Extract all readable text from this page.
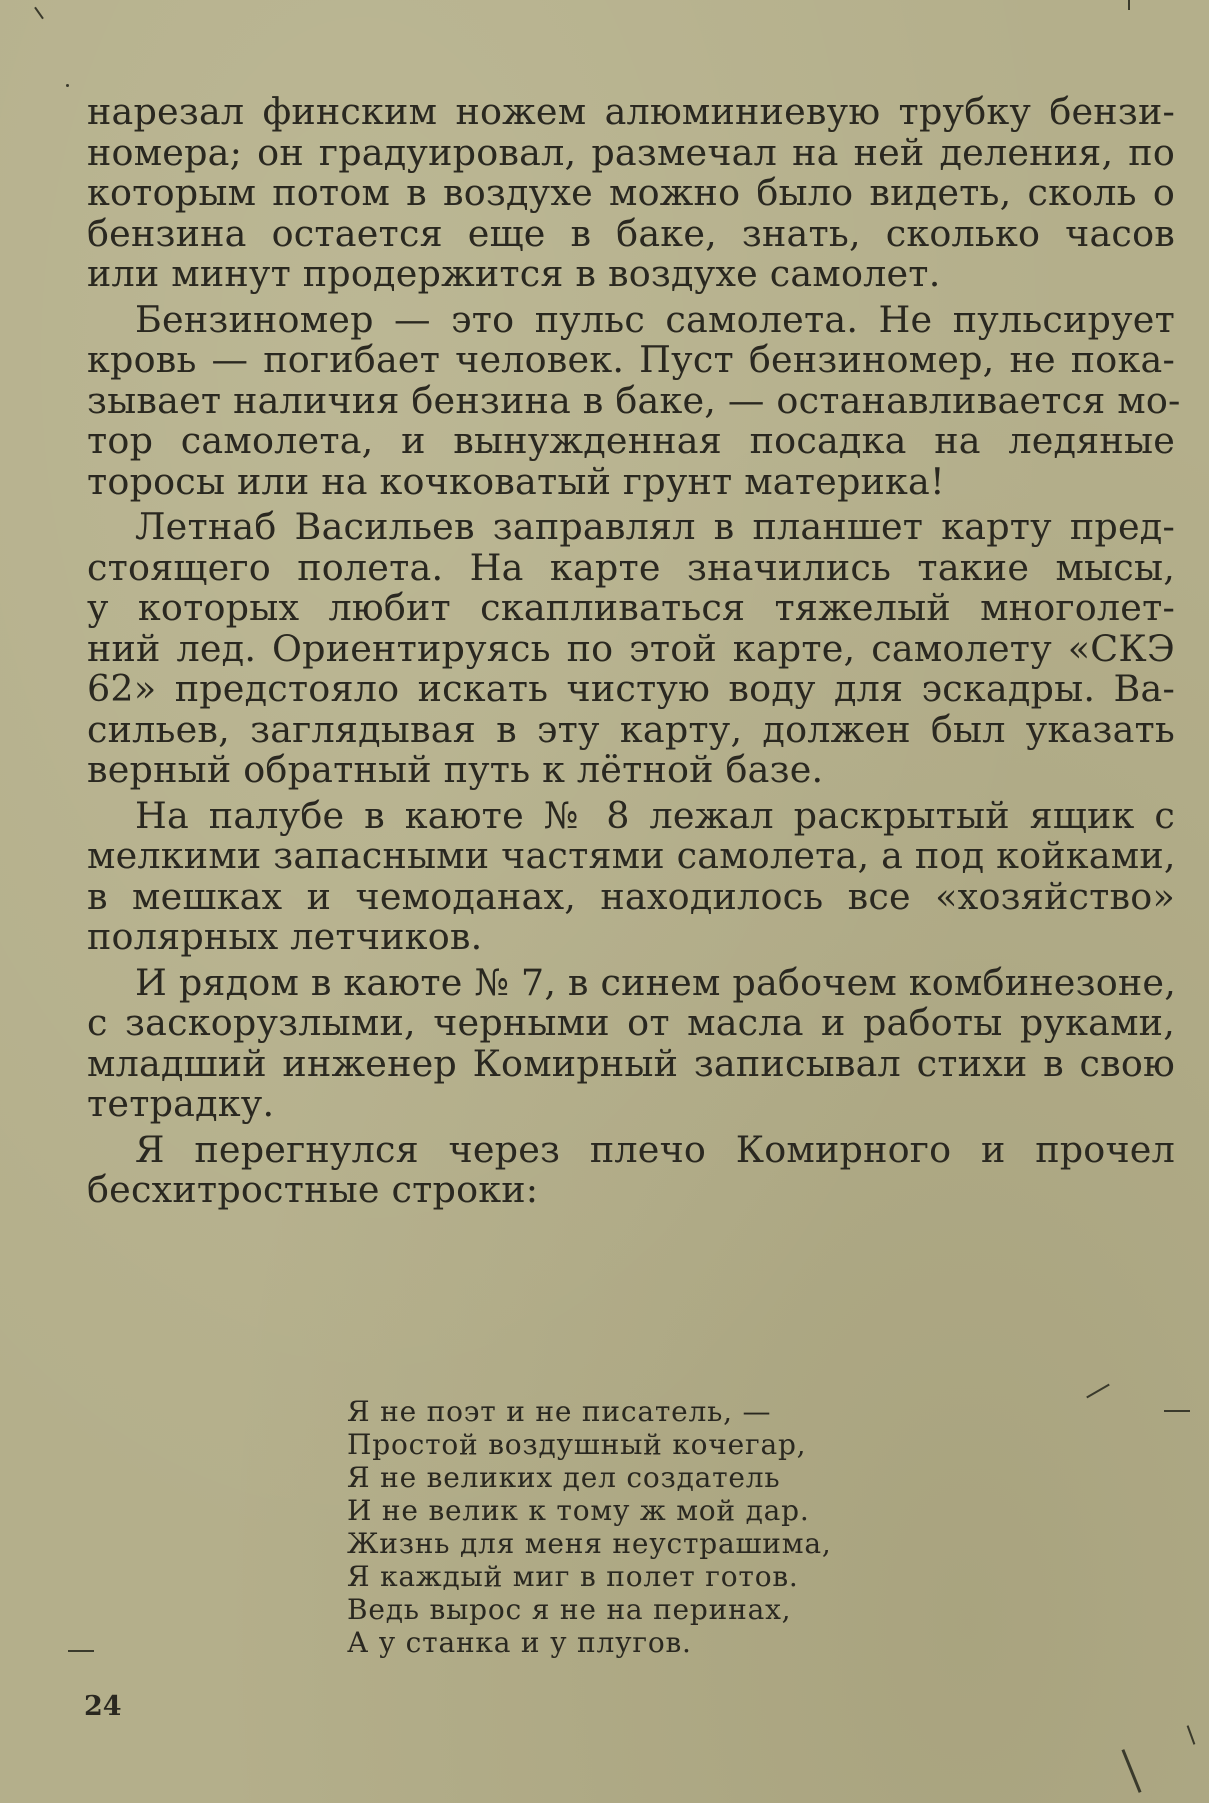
нарезал финским ножем алюминиевую трубку бензи-
номера; он градуировал, размечал на ней деления, по
которым потом в воздухе можно было видеть, сколь о
бензина остается еще в баке, знать, сколько часов
или минут продержится в воздухе самолет.

Бензиномер — это пульс самолета. Не пульсирует
кровь — погибает человек. Пуст бензиномер, не пока-
зывает наличия бензина в баке, — останавливается мо-
тор самолета, и вынужденная посадка на ледяные
торосы или на кочковатый грунт материка!

Летнаб Васильев заправлял в планшет карту пред-
стоящего полета. На карте значились такие мысы,
у которых любит скапливаться тяжелый многолет-
ний лед. Ориентируясь по этой карте, самолету «СКЭ
62» предстояло искать чистую воду для эскадры. Ва-
сильев, заглядывая в эту карту, должен был указать
верный обратный путь к лётной базе.

На палубе в каюте № 8 лежал раскрытый ящик с
мелкими запасными частями самолета, а под койками,
в мешках и чемоданах, находилось все «хозяйство»
полярных летчиков.

И рядом в каюте № 7, в синем рабочем комбинезоне,
с заскорузлыми, черными от масла и работы руками,
младший инженер Комирный записывал стихи в свою
тетрадку.

Я перегнулся через плечо Комирного и прочел
бесхитростные строки:

Я не поэт и не писатель, —
Простой воздушный кочегар,
Я не великих дел создатель
И не велик к тому ж мой дар.
Жизнь для меня неустрашима,
Я каждый миг в полет готов.
Ведь вырос я не на перинах,
А у станка и у плугов.
24
